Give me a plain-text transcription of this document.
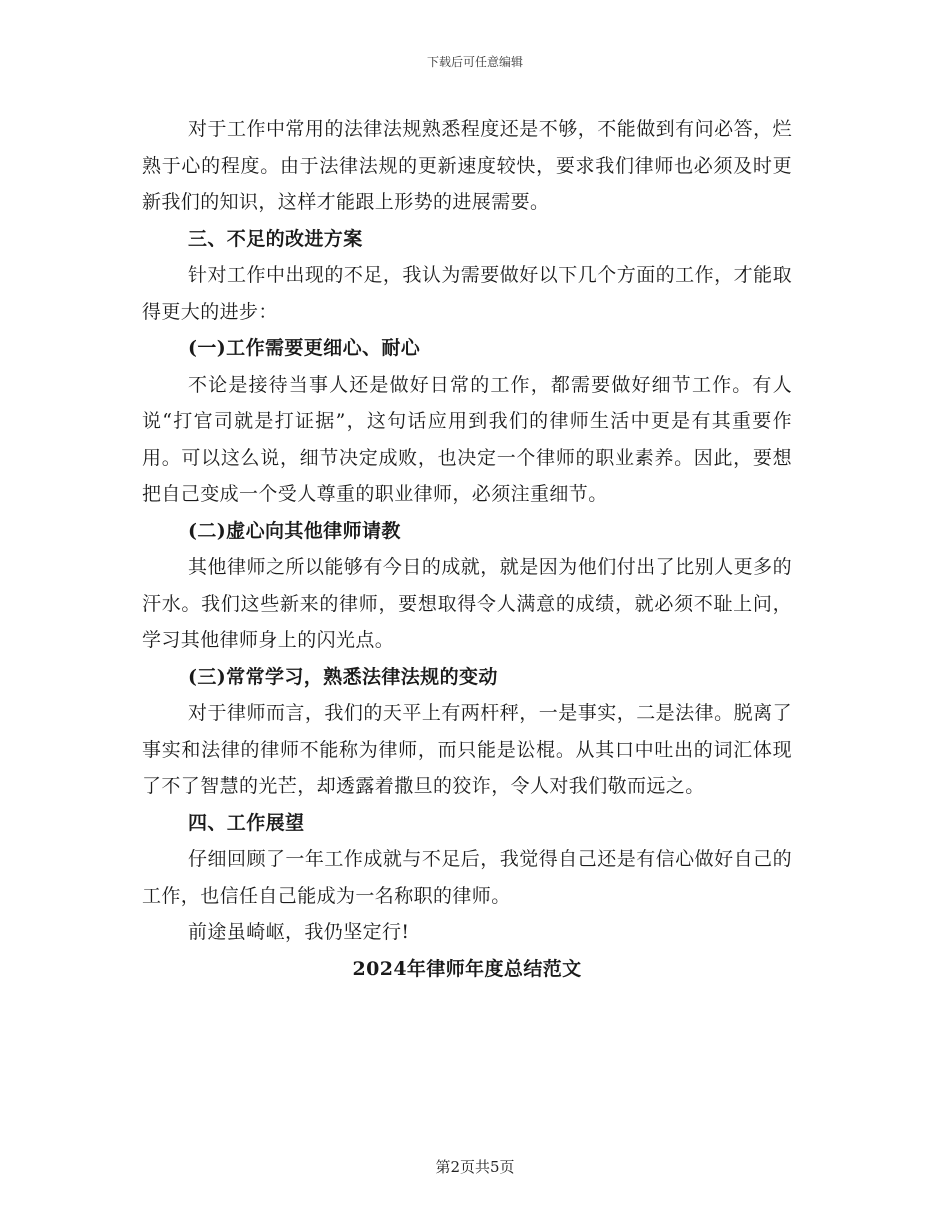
下载后可任意编辑

对于工作中常用的法律法规熟悉程度还是不够，不能做到有问必答，烂熟于心的程度。由于法律法规的更新速度较快，要求我们律师也必须及时更新我们的知识，这样才能跟上形势的进展需要。

三、不足的改进方案

针对工作中出现的不足，我认为需要做好以下几个方面的工作，才能取得更大的进步：

(一)工作需要更细心、耐心

不论是接待当事人还是做好日常的工作，都需要做好细节工作。有人说“打官司就是打证据”，这句话应用到我们的律师生活中更是有其重要作用。可以这么说，细节决定成败，也决定一个律师的职业素养。因此，要想把自己变成一个受人尊重的职业律师，必须注重细节。

(二)虚心向其他律师请教

其他律师之所以能够有今日的成就，就是因为他们付出了比别人更多的汗水。我们这些新来的律师，要想取得令人满意的成绩，就必须不耻上问，学习其他律师身上的闪光点。

(三)常常学习，熟悉法律法规的变动

对于律师而言，我们的天平上有两杆秤，一是事实，二是法律。脱离了事实和法律的律师不能称为律师，而只能是讼棍。从其口中吐出的词汇体现了不了智慧的光芒，却透露着撒旦的狡诈，令人对我们敬而远之。

四、工作展望

仔细回顾了一年工作成就与不足后，我觉得自己还是有信心做好自己的工作，也信任自己能成为一名称职的律师。

前途虽崎岖，我仍坚定行!

2024年律师年度总结范文

第2页共5页
